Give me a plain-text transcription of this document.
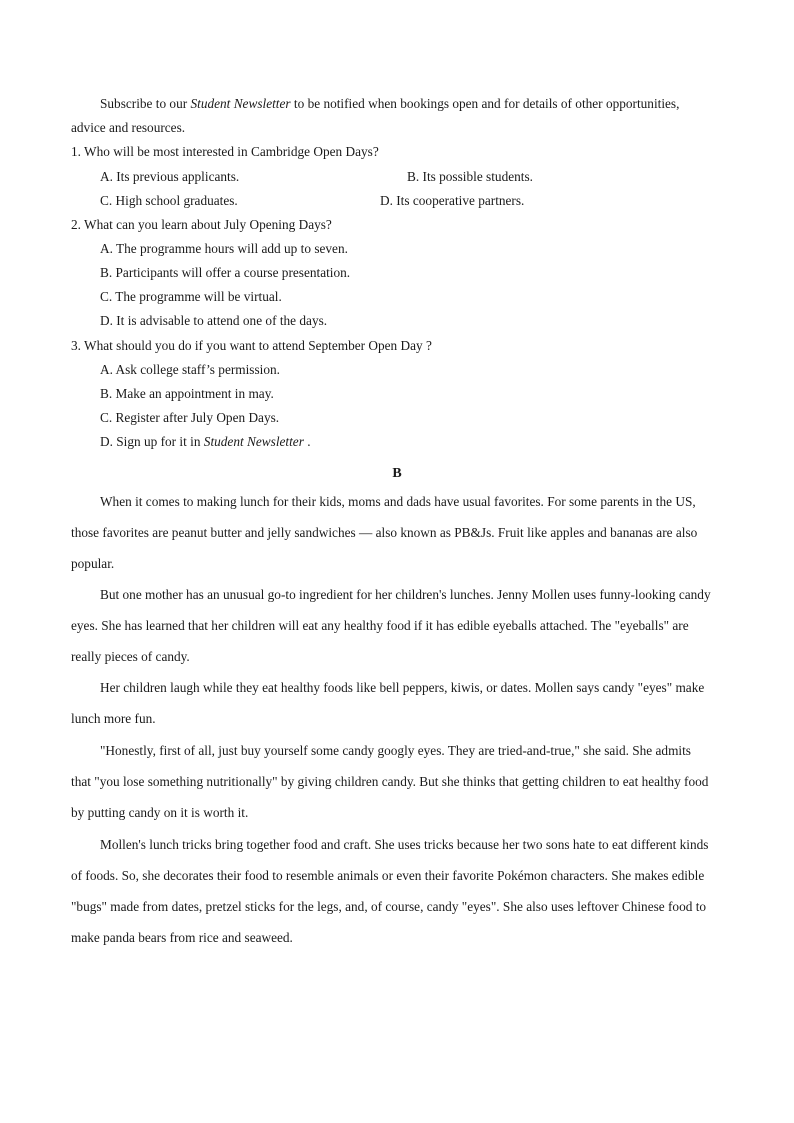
Subscribe to our Student Newsletter to be notified when bookings open and for details of other opportunities, advice and resources.
1. Who will be most interested in Cambridge Open Days?
A. Its previous applicants.	B. Its possible students.
C. High school graduates.	D. Its cooperative partners.
2. What can you learn about July Opening Days?
A. The programme hours will add up to seven.
B. Participants will offer a course presentation.
C. The programme will be virtual.
D. It is advisable to attend one of the days.
3. What should you do if you want to attend September Open Day ?
A. Ask college staff’s permission.
B. Make an appointment in may.
C. Register after July Open Days.
D. Sign up for it in Student Newsletter .
B
When it comes to making lunch for their kids, moms and dads have usual favorites. For some parents in the US, those favorites are peanut butter and jelly sandwiches — also known as PB&Js. Fruit like apples and bananas are also popular.
But one mother has an unusual go-to ingredient for her children's lunches. Jenny Mollen uses funny-looking candy eyes. She has learned that her children will eat any healthy food if it has edible eyeballs attached. The "eyeballs" are really pieces of candy.
Her children laugh while they eat healthy foods like bell peppers, kiwis, or dates. Mollen says candy "eyes" make lunch more fun.
"Honestly, first of all, just buy yourself some candy googly eyes. They are tried-and-true," she said. She admits that "you lose something nutritionally" by giving children candy. But she thinks that getting children to eat healthy food by putting candy on it is worth it.
Mollen's lunch tricks bring together food and craft. She uses tricks because her two sons hate to eat different kinds of foods. So, she decorates their food to resemble animals or even their favorite Pokémon characters. She makes edible "bugs" made from dates, pretzel sticks for the legs, and, of course, candy "eyes". She also uses leftover Chinese food to make panda bears from rice and seaweed.
